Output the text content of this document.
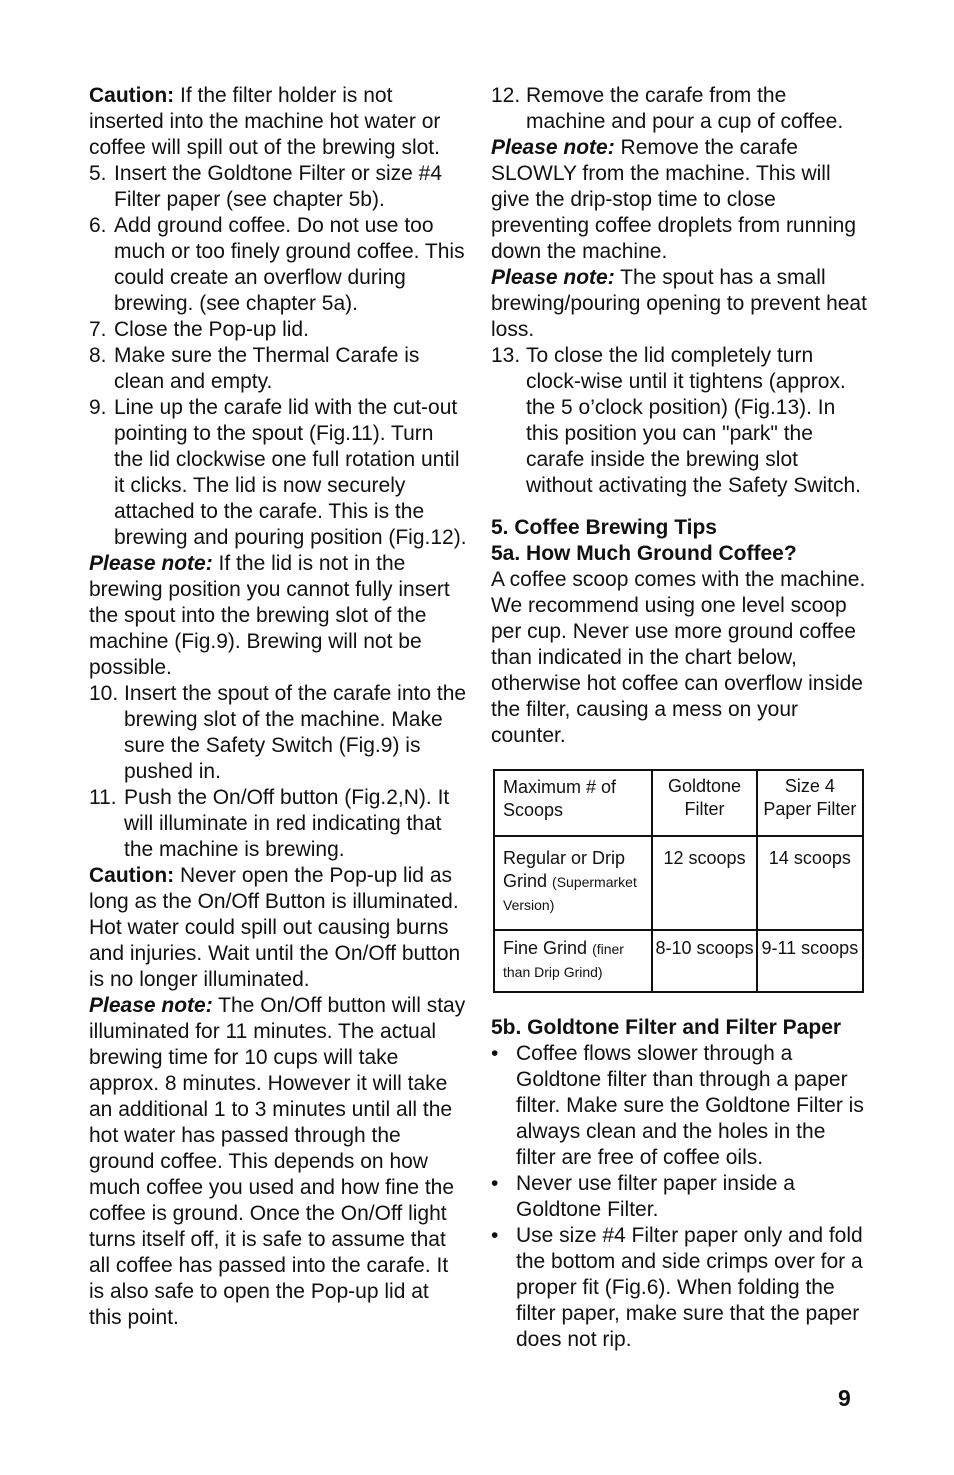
Caution: If the filter holder is not inserted into the machine hot water or coffee will spill out of the brewing slot.

5. Insert the Goldtone Filter or size #4 Filter paper (see chapter 5b).
6. Add ground coffee. Do not use too much or too finely ground coffee. This could create an overflow during brewing. (see chapter 5a).
7. Close the Pop-up lid.
8. Make sure the Thermal Carafe is clean and empty.
9. Line up the carafe lid with the cut-out pointing to the spout (Fig.11). Turn the lid clockwise one full rotation until it clicks. The lid is now securely attached to the carafe. This is the brewing and pouring position (Fig.12).

Please note: If the lid is not in the brewing position you cannot fully insert the spout into the brewing slot of the machine (Fig.9). Brewing will not be possible.

10. Insert the spout of the carafe into the brewing slot of the machine. Make sure the Safety Switch (Fig.9) is pushed in.
11. Push the On/Off button (Fig.2,N). It will illuminate in red indicating that the machine is brewing.

Caution: Never open the Pop-up lid as long as the On/Off Button is illuminated. Hot water could spill out causing burns and injuries. Wait until the On/Off button is no longer illuminated.

Please note: The On/Off button will stay illuminated for 11 minutes. The actual brewing time for 10 cups will take approx. 8 minutes. However it will take an additional 1 to 3 minutes until all the hot water has passed through the ground coffee. This depends on how much coffee you used and how fine the coffee is ground. Once the On/Off light turns itself off, it is safe to assume that all coffee has passed into the carafe. It is also safe to open the Pop-up lid at this point.

12. Remove the carafe from the machine and pour a cup of coffee.

Please note: Remove the carafe SLOWLY from the machine. This will give the drip-stop time to close preventing coffee droplets from running down the machine.

Please note: The spout has a small brewing/pouring opening to prevent heat loss.

13. To close the lid completely turn clock-wise until it tightens (approx. the 5 o’clock position) (Fig.13). In this position you can "park" the carafe inside the brewing slot without activating the Safety Switch.

5. Coffee Brewing Tips

5a. How Much Ground Coffee?

A coffee scoop comes with the machine. We recommend using one level scoop per cup. Never use more ground coffee than indicated in the chart below, otherwise hot coffee can overflow inside the filter, causing a mess on your counter.

Maximum # of Scoops	Goldtone Filter	Size 4 Paper Filter
Regular or Drip Grind (Supermarket Version)	12 scoops	14 scoops
Fine Grind (finer than Drip Grind)	8-10 scoops	9-11 scoops

5b. Goldtone Filter and Filter Paper

• Coffee flows slower through a Goldtone filter than through a paper filter. Make sure the Goldtone Filter is always clean and the holes in the filter are free of coffee oils.
• Never use filter paper inside a Goldtone Filter.
• Use size #4 Filter paper only and fold the bottom and side crimps over for a proper fit (Fig.6). When folding the filter paper, make sure that the paper does not rip.
9
